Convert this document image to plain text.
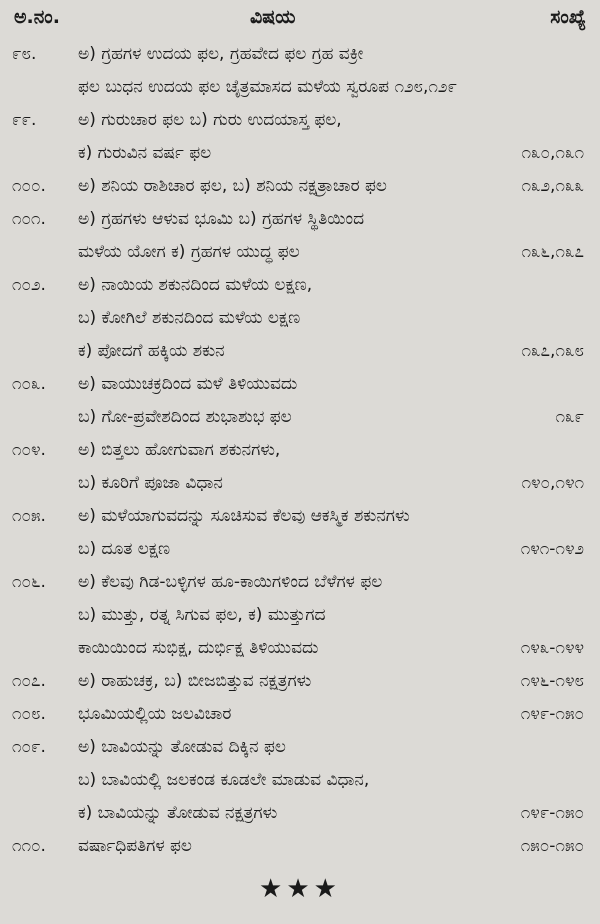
ಅ.ನಂ.	ವಿಷಯ	ಸಂಖ್ಯೆ
೯೮. ಅ) ಗ್ರಹಗಳ ಉದಯ ಫಲ, ಗ್ರಹವೇದ ಫಲ ಗ್ರಹ ವಕ್ರೀ
ಫಲ ಬುಧನ ಉದಯ ಫಲ ಚೈತ್ರಮಾಸದ ಮಳೆಯ ಸ್ವರೂಪ ೧೨೮,೧೨೯
೯೯. ಅ) ಗುರುಚಾರ ಫಲ ಬ) ಗುರು ಉದಯಾಸ್ತ ಫಲ,
ಕ) ಗುರುವಿನ ವರ್ಷ ಫಲ	೧೩೦,೧೩೧
೧೦೦. ಅ) ಶನಿಯ ರಾಶಿಚಾರ ಫಲ, ಬ) ಶನಿಯ ನಕ್ಷತ್ರಾಚಾರ ಫಲ	೧೩೨,೧೩೩
೧೦೧. ಅ) ಗ್ರಹಗಳು ಆಳುವ ಭೂಮಿ ಬ) ಗ್ರಹಗಳ ಸ್ಥಿತಿಯಿಂದ
ಮಳೆಯ ಯೋಗ ಕ) ಗ್ರಹಗಳ ಯುದ್ಧ ಫಲ	೧೩೬,೧೩೭
೧೦೨. ಅ) ನಾಯಿಯ ಶಕುನದಿಂದ ಮಳೆಯ ಲಕ್ಷಣ,
ಬ) ಕೋಗಿಲೆ ಶಕುನದಿಂದ ಮಳೆಯ ಲಕ್ಷಣ
ಕ) ಪೋದಗೆ ಹಕ್ಕಿಯ ಶಕುನ	೧೩೭,೧೩೮
೧೦೩. ಅ) ವಾಯುಚಕ್ರದಿಂದ ಮಳೆ ತಿಳಿಯುವದು
ಬ) ಗೋ-ಪ್ರವೇಶದಿಂದ ಶುಭಾಶುಭ ಫಲ	೧೩೯
೧೦೪. ಅ) ಬಿತ್ತಲು ಹೋಗುವಾಗ ಶಕುನಗಳು,
ಬ) ಕೂರಿಗೆ ಪೂಜಾ ವಿಧಾನ	೧೪೦,೧೪೧
೧೦೫. ಅ) ಮಳೆಯಾಗುವದನ್ನು ಸೂಚಿಸುವ ಕೆಲವು ಆಕಸ್ಮಿಕ ಶಕುನಗಳು
ಬ) ದೂತ ಲಕ್ಷಣ	೧೪೧-೧೪೨
೧೦೬. ಅ) ಕೆಲವು ಗಿಡ-ಬಳ್ಳಿಗಳ ಹೂ-ಕಾಯಿಗಳಿಂದ ಬೆಳೆಗಳ ಫಲ
ಬ) ಮುತ್ತು, ರತ್ನ ಸಿಗುವ ಫಲ, ಕ) ಮುತ್ತುಗದ
ಕಾಯಿಯಿಂದ ಸುಭಿಕ್ಷ, ದುರ್ಭಿಕ್ಷ ತಿಳಿಯುವದು	೧೪೩-೧೪೪
೧೦೭. ಅ) ರಾಹುಚಕ್ರ, ಬ) ಬೀಜಬಿತ್ತುವ ನಕ್ಷತ್ರಗಳು	೧೪೬-೧೪೮
೧೦೮. ಭೂಮಿಯಲ್ಲಿಯ ಜಲವಿಚಾರ	೧೪೯-೧೫೦
೧೦೯. ಅ) ಬಾವಿಯನ್ನು ತೋಡುವ ದಿಕ್ಕಿನ ಫಲ
ಬ) ಬಾವಿಯಲ್ಲಿ ಜಲಕಂಡ ಕೂಡಲೇ ಮಾಡುವ ವಿಧಾನ,
ಕ) ಬಾವಿಯನ್ನು ತೋಡುವ ನಕ್ಷತ್ರಗಳು	೧೪೯-೧೫೦
೧೧೦. ವರ್ಷಾಧಿಪತಿಗಳ ಫಲ	೧೫೦-೧೫೦
★★★
